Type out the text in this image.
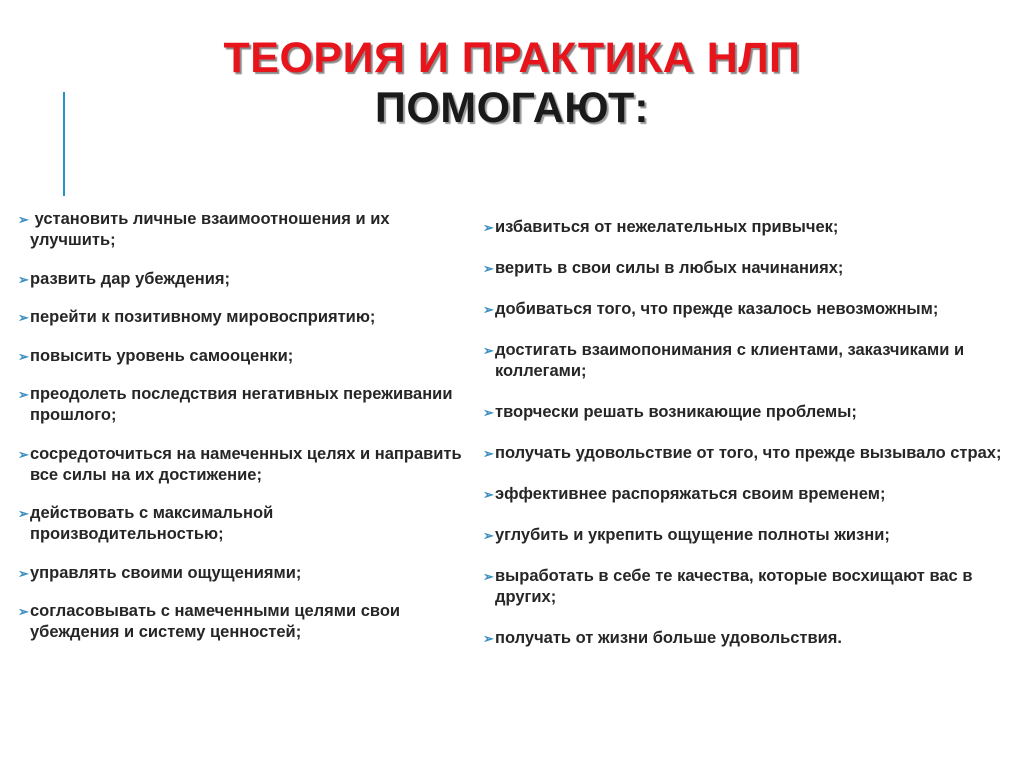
ТЕОРИЯ И ПРАКТИКА НЛП
ПОМОГАЮТ:
➢ установить личные взаимоотношения и их улучшить;
➢ развить дар убеждения;
➢ перейти к позитивному мировосприятию;
➢ повысить уровень самооценки;
➢ преодолеть последствия негативных переживании прошлого;
➢ сосредоточиться на намеченных целях и направить все силы на их достижение;
➢ действовать с максимальной производительностью;
➢ управлять своими ощущениями;
➢ согласовывать с намеченными целями свои убеждения и систему ценностей;
➢ избавиться от нежелательных привычек;
➢ верить в свои силы в любых начинаниях;
➢ добиваться того, что прежде казалось невозможным;
➢ достигать взаимопонимания с клиентами, заказчиками и коллегами;
➢ творчески решать возникающие проблемы;
➢ получать удовольствие от того, что прежде вызывало страх;
➢ эффективнее распоряжаться своим временем;
➢ углубить и укрепить ощущение полноты жизни;
➢ выработать в себе те качества, которые восхищают вас в других;
➢ получать от жизни больше удовольствия.
